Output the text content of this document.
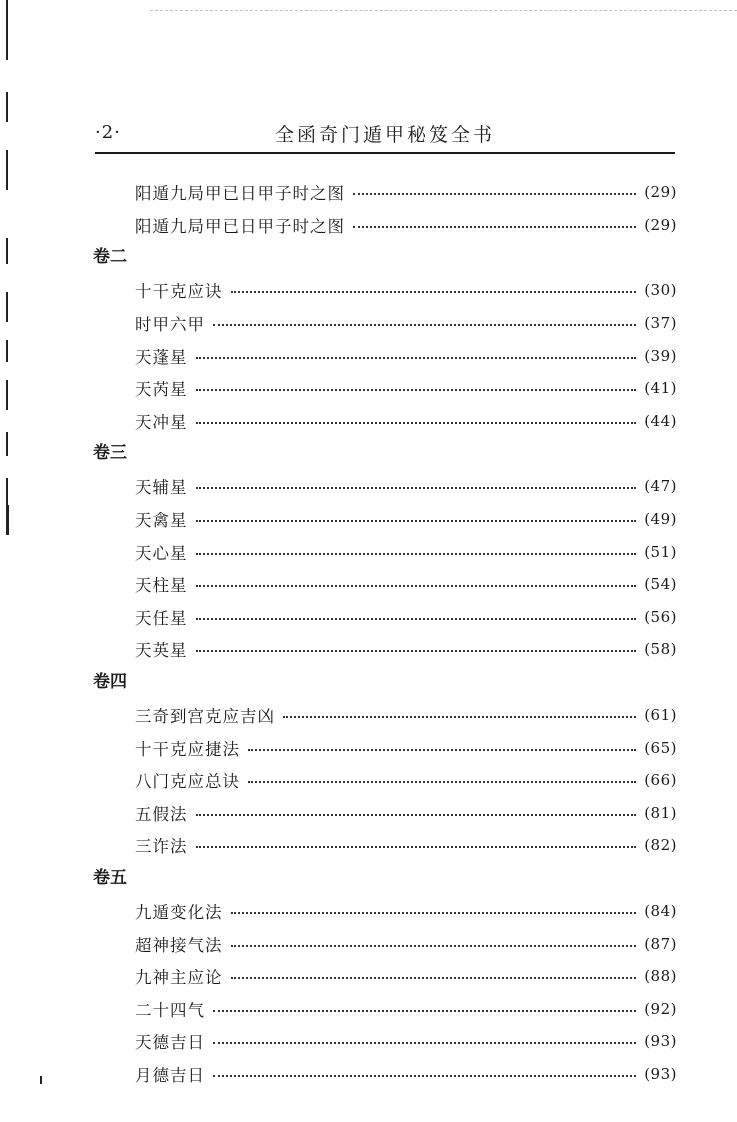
·2·	全函奇门遁甲秘笈全书
阳遁九局甲已日甲子时之图	(29)
阳遁九局甲已日甲子时之图	(29)
卷二
十干克应诀	(30)
时甲六甲	(37)
天蓬星	(39)
天芮星	(41)
天冲星	(44)
卷三
天辅星	(47)
天禽星	(49)
天心星	(51)
天柱星	(54)
天任星	(56)
天英星	(58)
卷四
三奇到宫克应吉凶	(61)
十干克应捷法	(65)
八门克应总诀	(66)
五假法	(81)
三诈法	(82)
卷五
九遁变化法	(84)
超神接气法	(87)
九神主应论	(88)
二十四气	(92)
天德吉日	(93)
月德吉日	(93)
